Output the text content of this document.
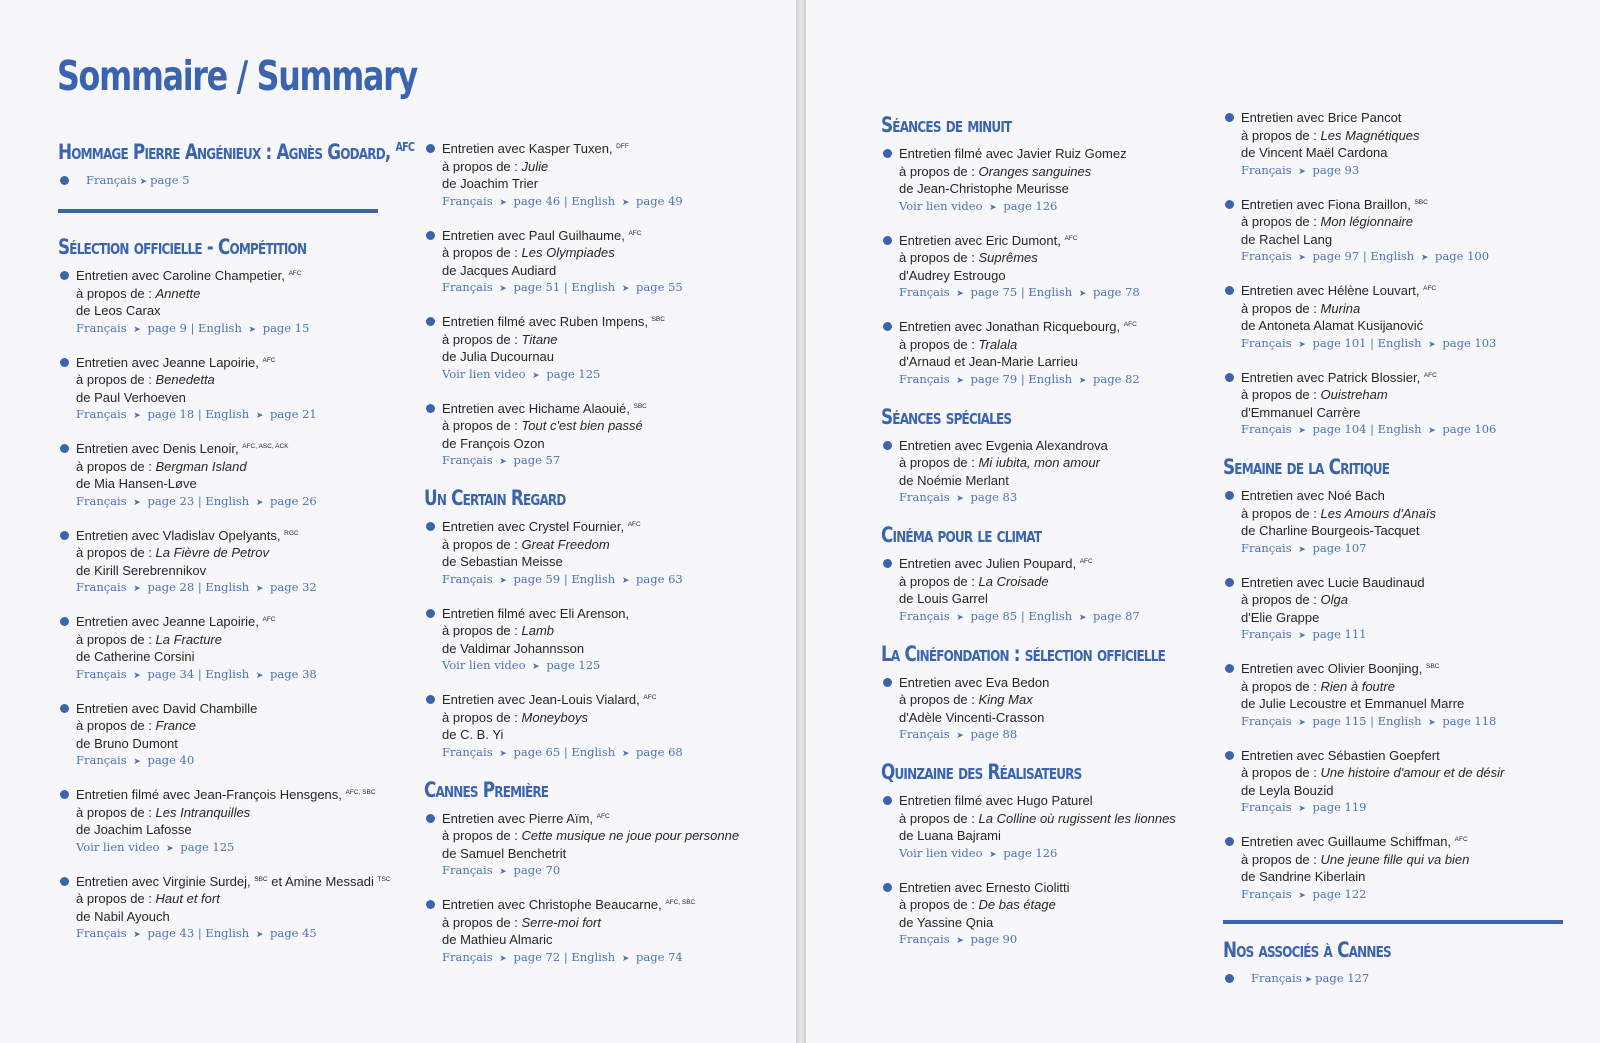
Sommaire / Summary
Hommage Pierre Angénieux : Agnès Godard, $^{AFC}$
Français ➤ page 5
Sélection officielle - Compétition
Entretien avec Caroline Champetier, $^{AFC}$
à propos de : Annette
de Leos Carax
Français ➤ page 9 | English ➤ page 15
Entretien avec Jeanne Lapoirie, $^{AFC}$
à propos de : Benedetta
de Paul Verhoeven
Français ➤ page 18 | English ➤ page 21
Entretien avec Denis Lenoir, $^{AFC, ASC, ACK}$
à propos de : Bergman Island
de Mia Hansen-Løve
Français ➤ page 23 | English ➤ page 26
Entretien avec Vladislav Opelyants, $^{RGC}$
à propos de : La Fièvre de Petrov
de Kirill Serebrennikov
Français ➤ page 28 | English ➤ page 32
Entretien avec Jeanne Lapoirie, $^{AFC}$
à propos de : La Fracture
de Catherine Corsini
Français ➤ page 34 | English ➤ page 38
Entretien avec David Chambille
à propos de : France
de Bruno Dumont
Français ➤ page 40
Entretien filmé avec Jean-François Hensgens, $^{AFC, SBC}$
à propos de : Les Intranquilles
de Joachim Lafosse
Voir lien video ➤ page 125
Entretien avec Virginie Surdej, $^{SBC}$ et Amine Messadi $^{TSC}$
à propos de : Haut et fort
de Nabil Ayouch
Français ➤ page 43 | English ➤ page 45
Entretien avec Kasper Tuxen, $^{DFF}$
à propos de : Julie
de Joachim Trier
Français ➤ page 46 | English ➤ page 49
Entretien avec Paul Guilhaume, $^{AFC}$
à propos de : Les Olympiades
de Jacques Audiard
Français ➤ page 51 | English ➤ page 55
Entretien filmé avec Ruben Impens, $^{SBC}$
à propos de : Titane
de Julia Ducournau
Voir lien video ➤ page 125
Entretien avec Hichame Alaouié, $^{SBC}$
à propos de : Tout c'est bien passé
de François Ozon
Français ➤ page 57
Un Certain Regard
Entretien avec Crystel Fournier, $^{AFC}$
à propos de : Great Freedom
de Sebastian Meisse
Français ➤ page 59 | English ➤ page 63
Entretien filmé avec Eli Arenson,
à propos de : Lamb
de Valdimar Johannsson
Voir lien video ➤ page 125
Entretien avec Jean-Louis Vialard, $^{AFC}$
à propos de : Moneyboys
de C. B. Yi
Français ➤ page 65 | English ➤ page 68
Cannes Première
Entretien avec Pierre Aïm, $^{AFC}$
à propos de : Cette musique ne joue pour personne
de Samuel Benchetrit
Français ➤ page 70
Entretien avec Christophe Beaucarne, $^{AFC, SBC}$
à propos de : Serre-moi fort
de Mathieu Almaric
Français ➤ page 72 | English ➤ page 74
Séances de minuit
Entretien filmé avec Javier Ruiz Gomez
à propos de : Oranges sanguines
de Jean-Christophe Meurisse
Voir lien video ➤ page 126
Entretien avec Eric Dumont, $^{AFC}$
à propos de : Suprêmes
d'Audrey Estrougo
Français ➤ page 75 | English ➤ page 78
Entretien avec Jonathan Ricquebourg, $^{AFC}$
à propos de : Tralala
d'Arnaud et Jean-Marie Larrieu
Français ➤ page 79 | English ➤ page 82
Séances spéciales
Entretien avec Evgenia Alexandrova
à propos de : Mi iubita, mon amour
de Noémie Merlant
Français ➤ page 83
Cinéma pour le climat
Entretien avec Julien Poupard, $^{AFC}$
à propos de : La Croisade
de Louis Garrel
Français ➤ page 85 | English ➤ page 87
La Cinéfondation : sélection officielle
Entretien avec Eva Bedon
à propos de : King Max
d'Adèle Vincenti-Crasson
Français ➤ page 88
Quinzaine des Réalisateurs
Entretien filmé avec Hugo Paturel
à propos de : La Colline où rugissent les lionnes
de Luana Bajrami
Voir lien video ➤ page 126
Entretien avec Ernesto Ciolitti
à propos de : De bas étage
de Yassine Qnia
Français ➤ page 90
Entretien avec Brice Pancot
à propos de : Les Magnétiques
de Vincent Maël Cardona
Français ➤ page 93
Entretien avec Fiona Braillon, $^{SBC}$
à propos de : Mon légionnaire
de Rachel Lang
Français ➤ page 97 | English ➤ page 100
Entretien avec Hélène Louvart, $^{AFC}$
à propos de : Murina
de Antoneta Alamat Kusijanović
Français ➤ page 101 | English ➤ page 103
Entretien avec Patrick Blossier, $^{AFC}$
à propos de : Ouistreham
d'Emmanuel Carrère
Français ➤ page 104 | English ➤ page 106
Semaine de la Critique
Entretien avec Noé Bach
à propos de : Les Amours d'Anaïs
de Charline Bourgeois-Tacquet
Français ➤ page 107
Entretien avec Lucie Baudinaud
à propos de : Olga
d'Elie Grappe
Français ➤ page 111
Entretien avec Olivier Boonjing, $^{SBC}$
à propos de : Rien à foutre
de Julie Lecoustre et Emmanuel Marre
Français ➤ page 115 | English ➤ page 118
Entretien avec Sébastien Goepfert
à propos de : Une histoire d'amour et de désir
de Leyla Bouzid
Français ➤ page 119
Entretien avec Guillaume Schiffman, $^{AFC}$
à propos de : Une jeune fille qui va bien
de Sandrine Kiberlain
Français ➤ page 122
Nos associés à Cannes
Français ➤ page 127
